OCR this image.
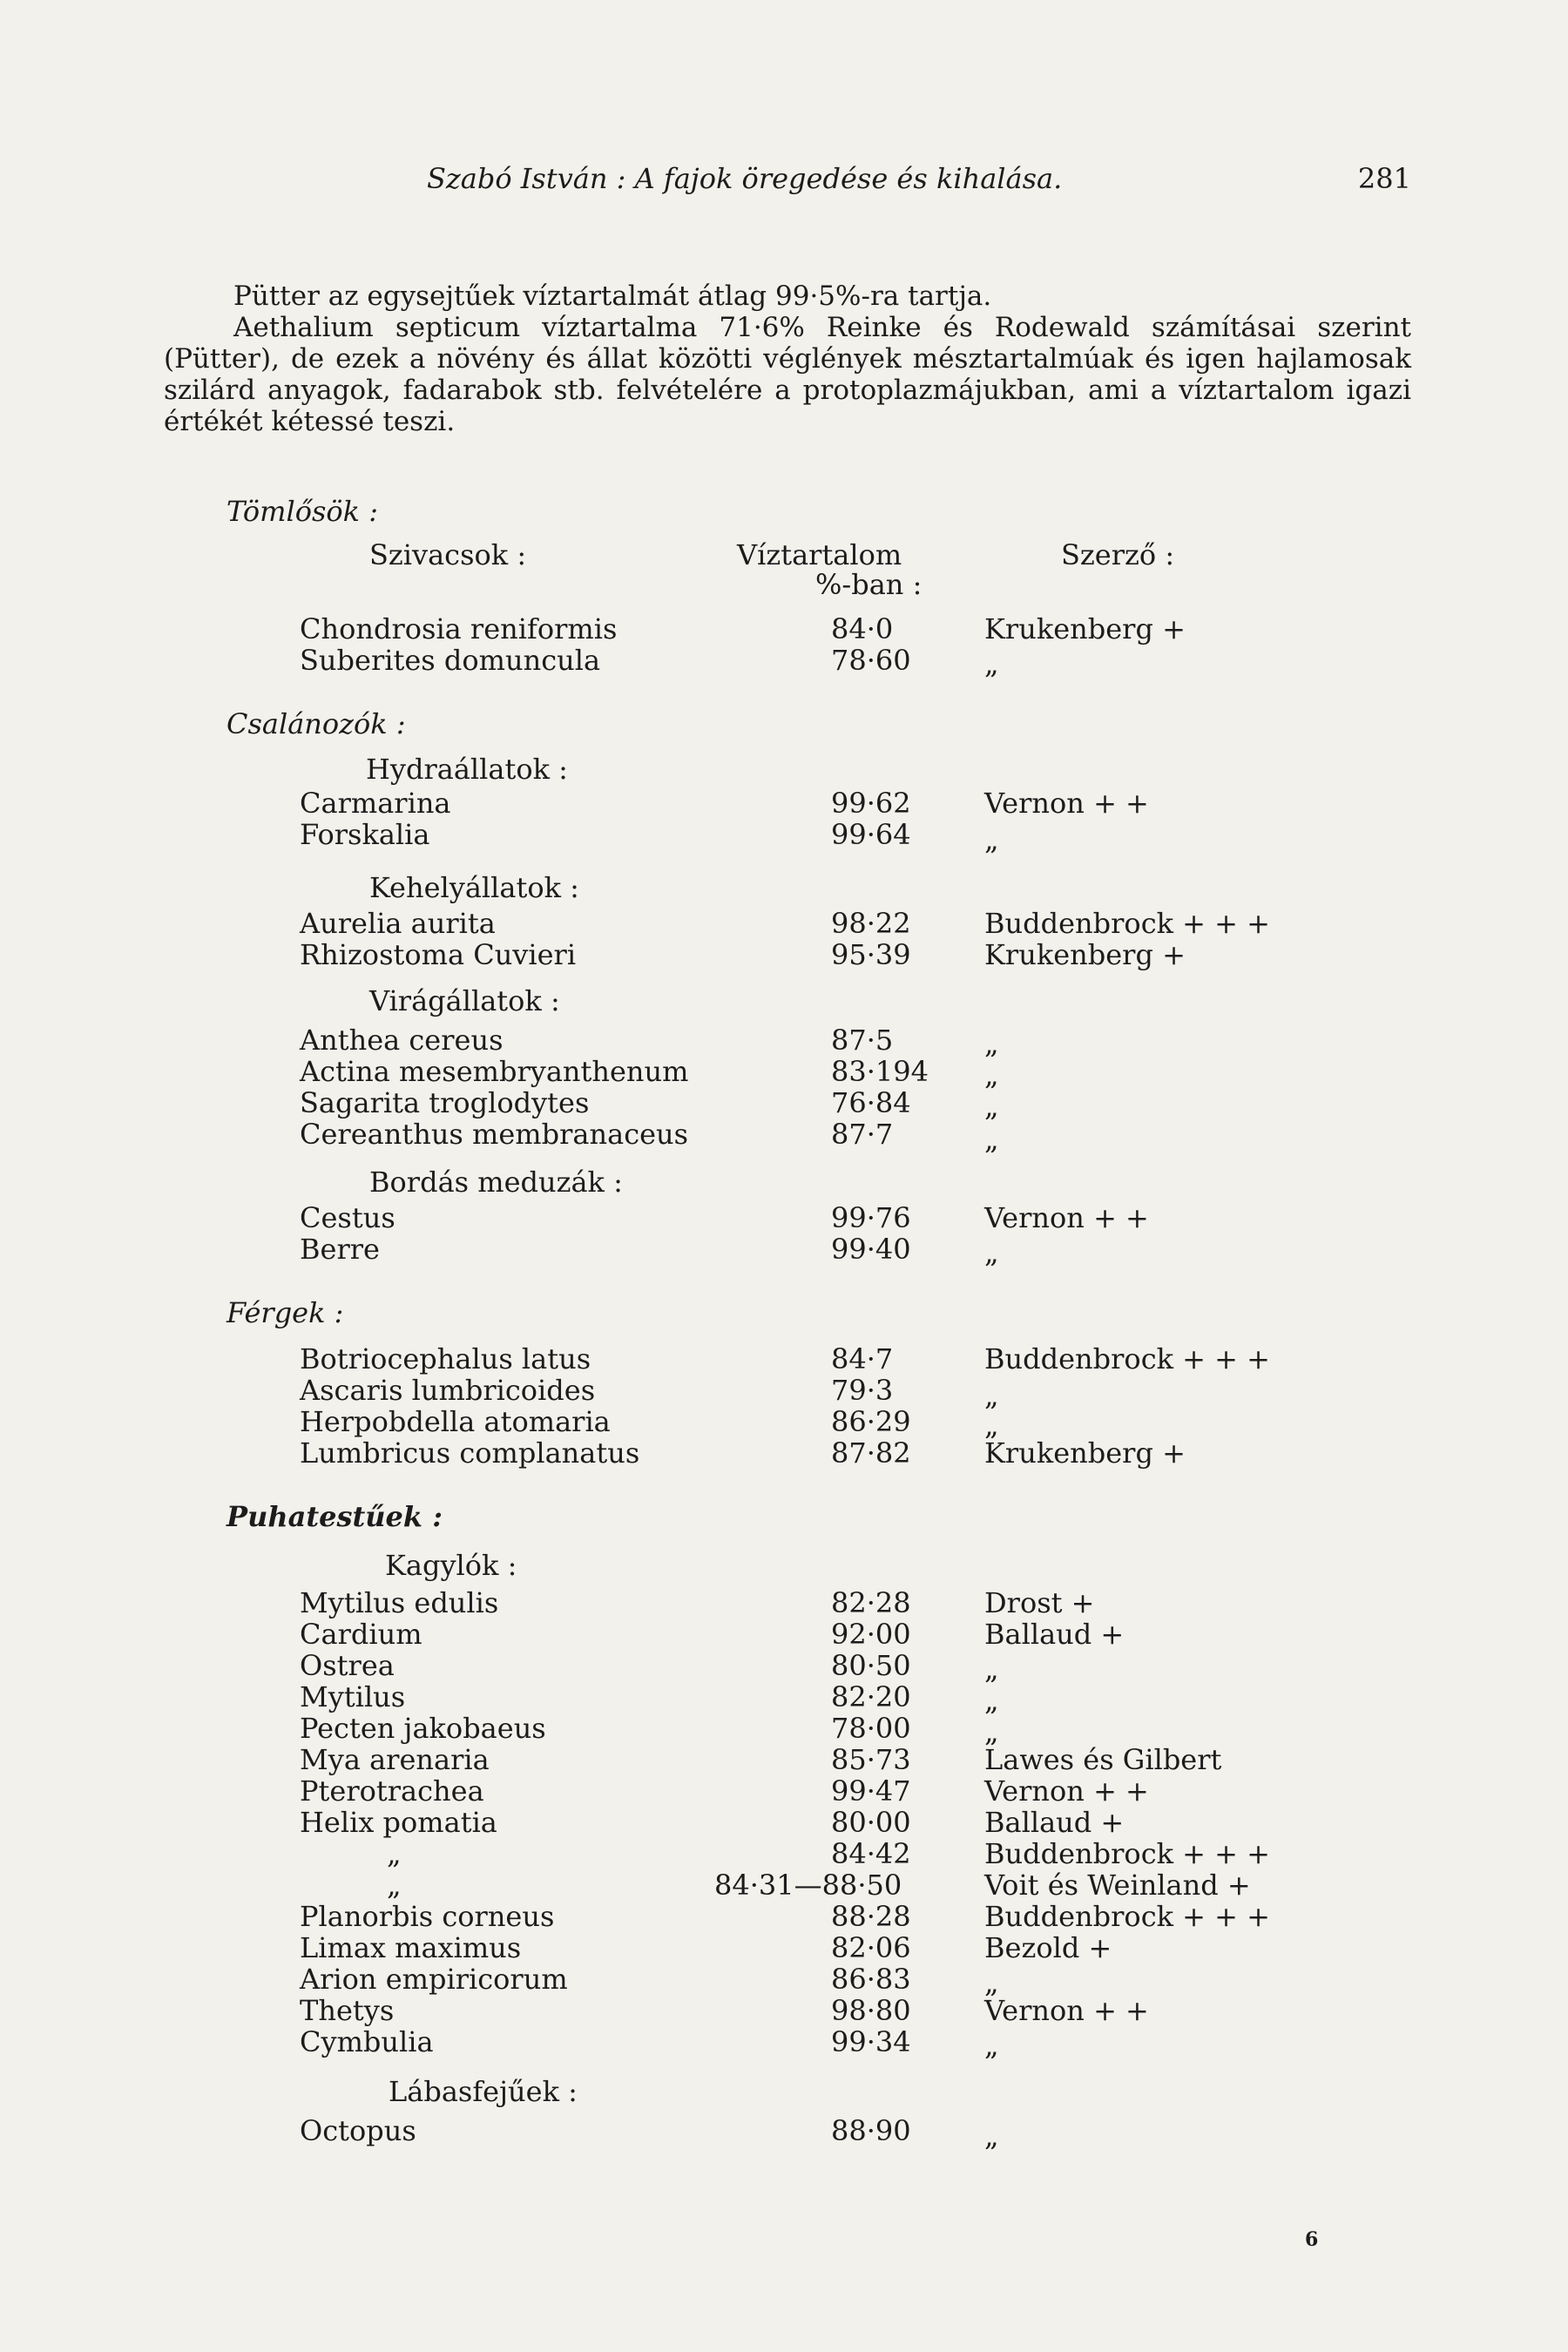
Szabó István : A fajok öregedése és kihalása.	281

Pütter az egysejtűek víztartalmát átlag 99·5%-ra tartja.

Aethalium septicum víztartalma 71·6% Reinke és Rodewald számításai szerint (Pütter), de ezek a növény és állat közötti véglények mésztartalmúak és igen hajlamosak szilárd anyagok, fadarabok stb. felvételére a protoplazmájukban, ami a víztartalom igazi értékét kétessé teszi.

Tömlősök :
Szivacsok :	Víztartalom
%-ban :
Szerző :
Chondrosia reniformis	84·0	Krukenberg +
Suberites domuncula	78·60	„
Csalánozók :
Hydraállatok :
Carmarina	99·62	Vernon + +
Forskalia	99·64	„
Kehelyállatok :
Aurelia aurita	98·22	Buddenbrock + + +
Rhizostoma Cuvieri	95·39	Krukenberg +
Virágállatok :
Anthea cereus	87·5	„
Actina mesembryanthenum	83·194 „
Sagarita troglodytes	76·84	„
Cereanthus membranaceus	87·7	„
Bordás meduzák :
Cestus	99·76	Vernon + +
Berre	99·40	„
Férgek :
Botriocephalus latus	84·7	Buddenbrock + + +
Ascaris lumbricoides	79·3	„
Herpobdella atomaria	86·29	„
Lumbricus complanatus	87·82	Krukenberg +
Puhatestűek :
Kagylók :
Mytilus edulis	82·28	Drost +
Cardium	92·00	Ballaud +
Ostrea	80·50	„
Mytilus	82·20	„
Pecten jakobaeus	78·00	„
Mya arenaria	85·73	Lawes és Gilbert
Pterotrachea	99·47	Vernon + +
Helix pomatia	80·00	Ballaud +
„	84·42	Buddenbrock + + +
„	84·31—88·50	Voit és Weinland +
Planorbis corneus	88·28	Buddenbrock + + +
Limax maximus	82·06	Bezold +
Arion empiricorum	86·83	„
Thetys	98·80	Vernon + +
Cymbulia	99·34	„
Lábasfejűek :
Octopus	88·90	„
6
